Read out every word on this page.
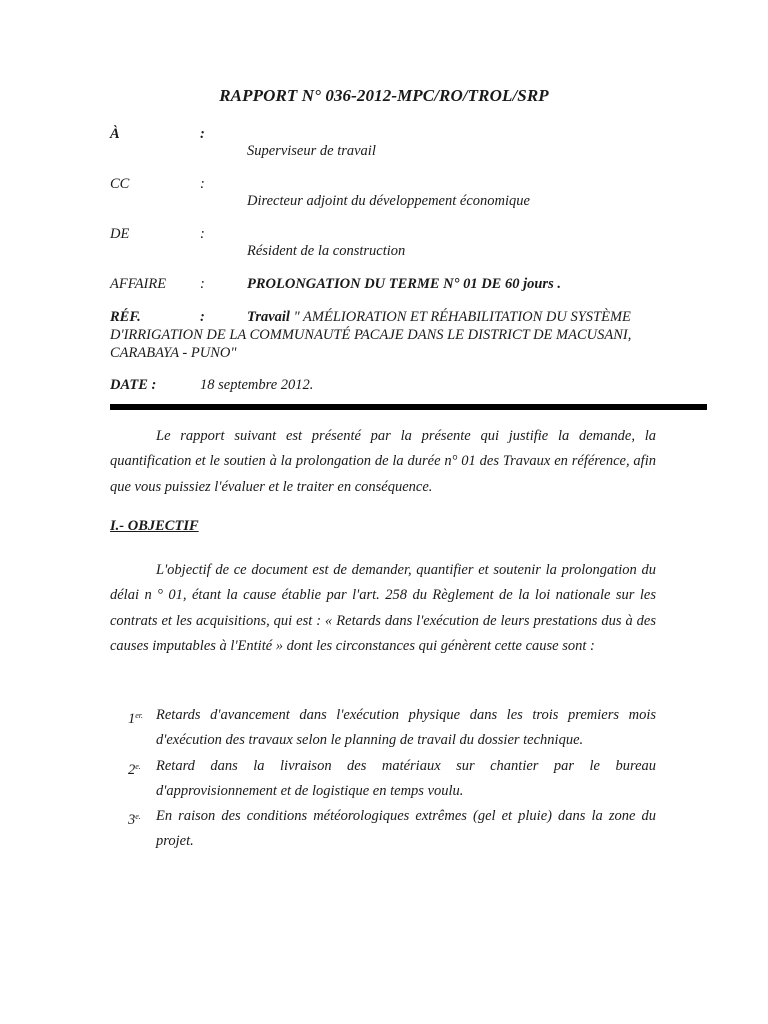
RAPPORT N° 036-2012-MPC/RO/TROL/SRP
À	:
Superviseur de travail
CC	:
Directeur adjoint du développement économique
DE	:
Résident de la construction
AFFAIRE :	PROLONGATION DU TERME N° 01 DE 60 jours .
RÉF.	:	Travail " AMÉLIORATION ET RÉHABILITATION DU SYSTÈME D'IRRIGATION DE LA COMMUNAUTÉ PACAJE DANS LE DISTRICT DE MACUSANI, CARABAYA - PUNO"
DATE :	18 septembre 2012.
Le rapport suivant est présenté par la présente qui justifie la demande, la quantification et le soutien à la prolongation de la durée n° 01 des Travaux en référence, afin que vous puissiez l'évaluer et le traiter en conséquence.
I.- OBJECTIF
L'objectif de ce document est de demander, quantifier et soutenir la prolongation du délai n ° 01, étant la cause établie par l'art. 258 du Règlement de la loi nationale sur les contrats et les acquisitions, qui est : « Retards dans l'exécution de leurs prestations dus à des causes imputables à l'Entité » dont les circonstances qui génèrent cette cause sont :
$1^{er.}$ Retards d'avancement dans l'exécution physique dans les trois premiers mois d'exécution des travaux selon le planning de travail du dossier technique.
$2^{e.}$ Retard dans la livraison des matériaux sur chantier par le bureau d'approvisionnement et de logistique en temps voulu.
$3^{e.}$ En raison des conditions météorologiques extrêmes (gel et pluie) dans la zone du projet.
